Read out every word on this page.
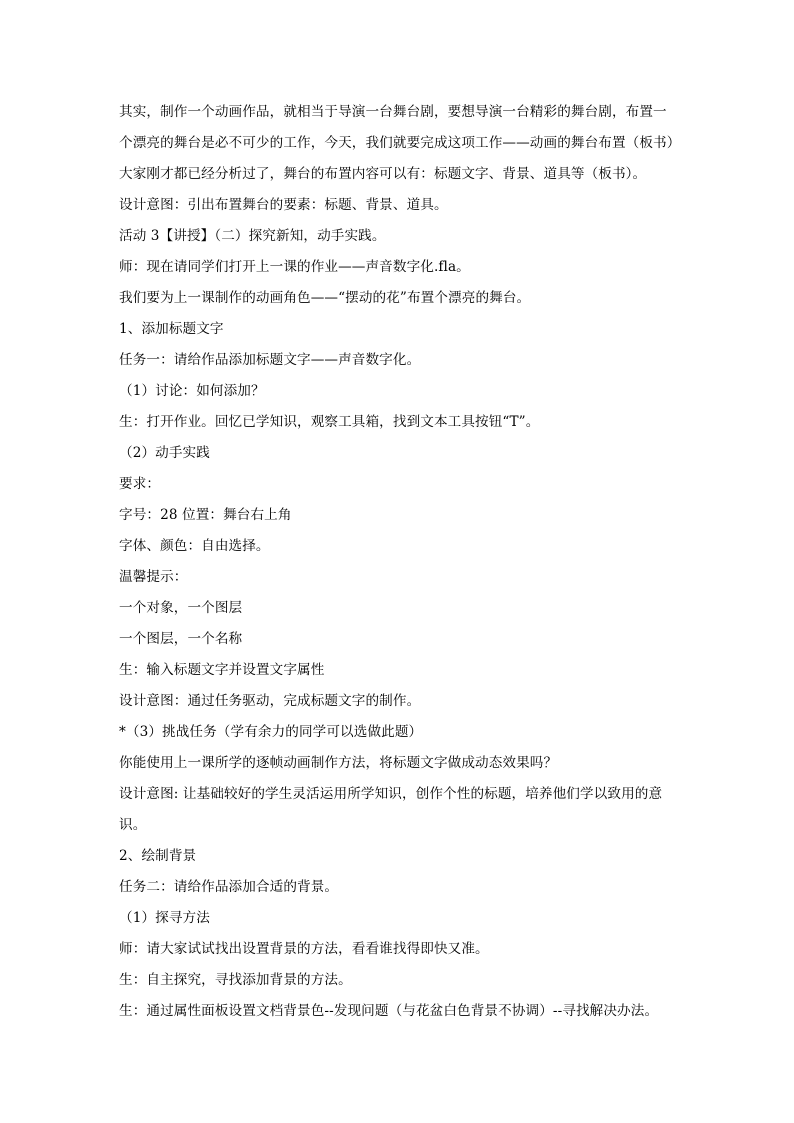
其实，制作一个动画作品，就相当于导演一台舞台剧，要想导演一台精彩的舞台剧，布置一
个漂亮的舞台是必不可少的工作，今天，我们就要完成这项工作——动画的舞台布置（板书）
大家刚才都已经分析过了，舞台的布置内容可以有：标题文字、背景、道具等（板书）。
设计意图：引出布置舞台的要素：标题、背景、道具。
活动 3【讲授】（二）探究新知，动手实践。
师：现在请同学们打开上一课的作业——声音数字化.fla。
我们要为上一课制作的动画角色——“摆动的花”布置个漂亮的舞台。
1、添加标题文字
任务一：请给作品添加标题文字——声音数字化。
（1）讨论：如何添加？
生：打开作业。回忆已学知识，观察工具箱，找到文本工具按钮“T”。
（2）动手实践
要求：
字号：28 位置：舞台右上角
字体、颜色：自由选择。
温馨提示：
一个对象，一个图层
一个图层，一个名称
生：输入标题文字并设置文字属性
设计意图：通过任务驱动，完成标题文字的制作。
*（3）挑战任务（学有余力的同学可以选做此题）
你能使用上一课所学的逐帧动画制作方法，将标题文字做成动态效果吗？
设计意图: 让基础较好的学生灵活运用所学知识，创作个性的标题，培养他们学以致用的意
识。
2、绘制背景
任务二：请给作品添加合适的背景。
（1）探寻方法
师：请大家试试找出设置背景的方法，看看谁找得即快又准。
生：自主探究，寻找添加背景的方法。
生：通过属性面板设置文档背景色--发现问题（与花盆白色背景不协调）--寻找解决办法。
